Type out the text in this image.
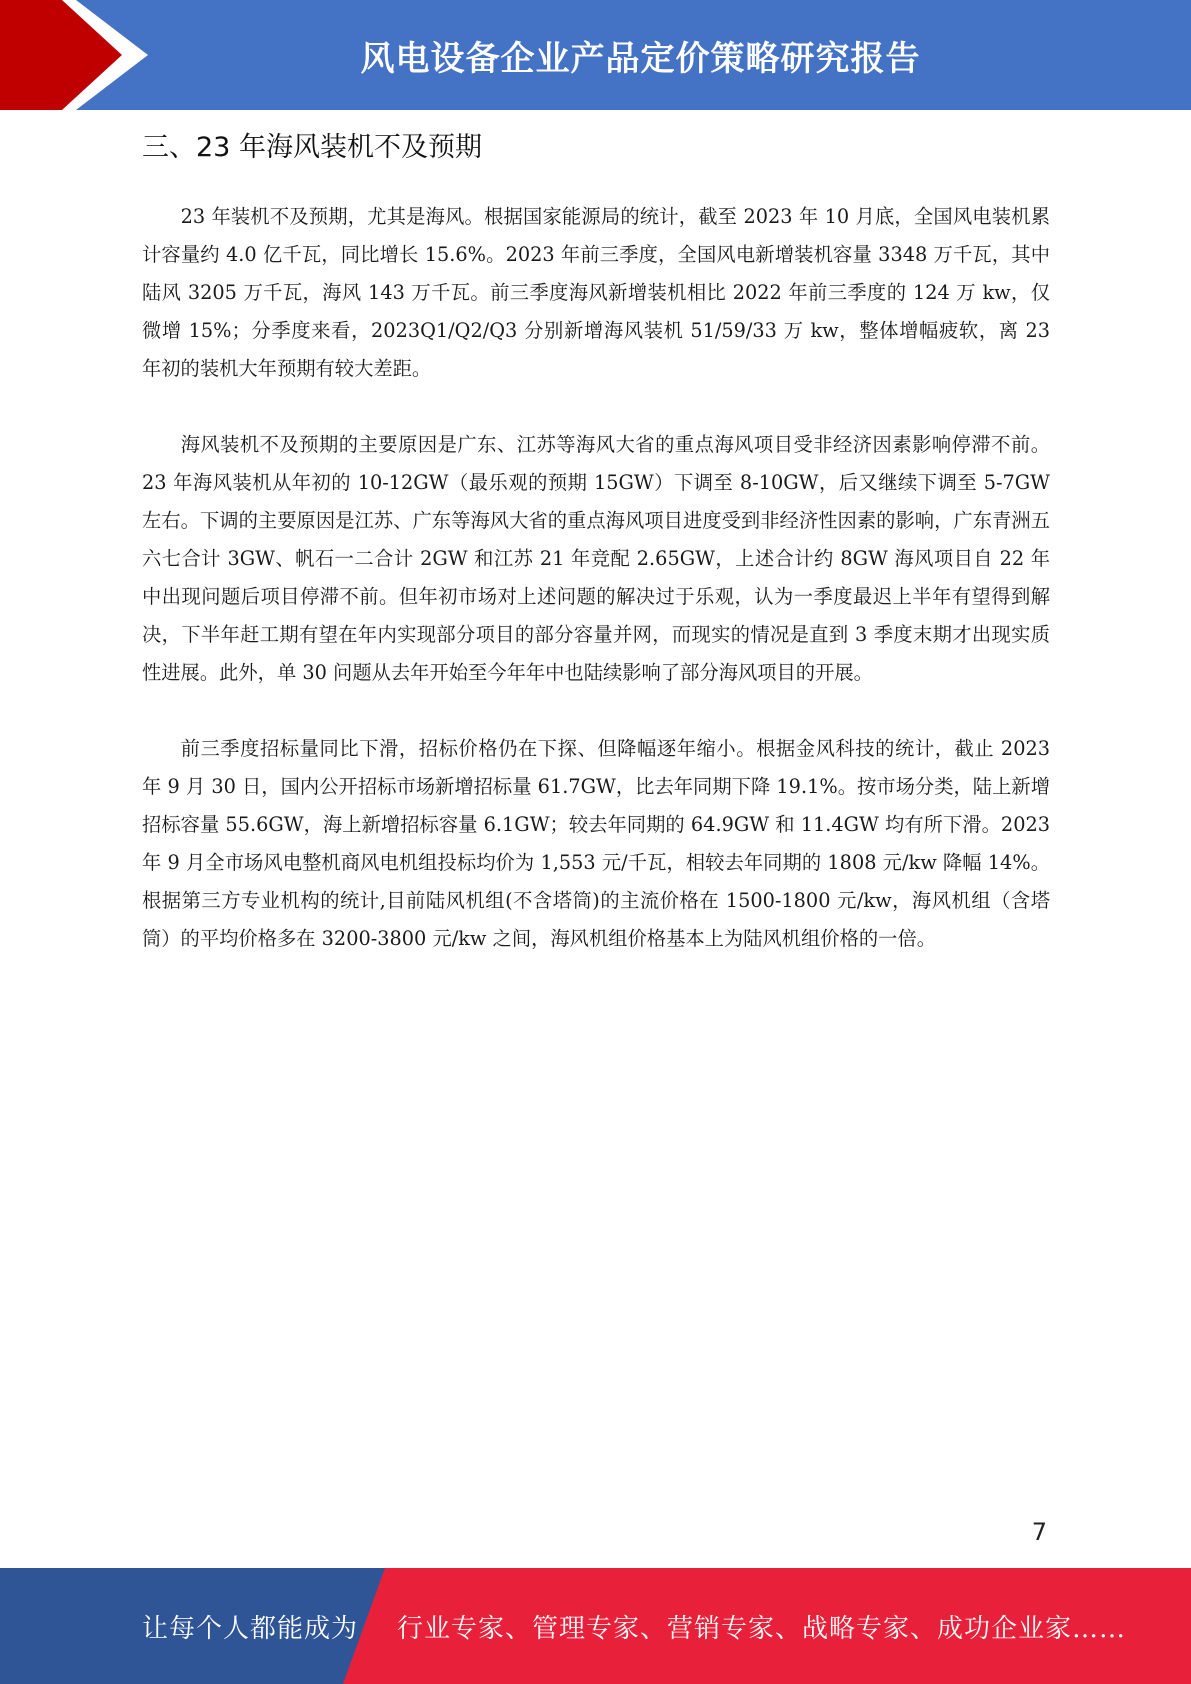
风电设备企业产品定价策略研究报告
三、23 年海风装机不及预期

23 年装机不及预期，尤其是海风。根据国家能源局的统计，截至 2023 年 10 月底，全国风电装机累计容量约 4.0 亿千瓦，同比增长 15.6%。2023 年前三季度，全国风电新增装机容量 3348 万千瓦，其中陆风 3205 万千瓦，海风 143 万千瓦。前三季度海风新增装机相比 2022 年前三季度的 124 万 kw，仅微增 15%；分季度来看，2023Q1/Q2/Q3 分别新增海风装机 51/59/33 万 kw，整体增幅疲软，离 23 年初的装机大年预期有较大差距。

海风装机不及预期的主要原因是广东、江苏等海风大省的重点海风项目受非经济因素影响停滞不前。23 年海风装机从年初的 10-12GW（最乐观的预期 15GW）下调至 8-10GW，后又继续下调至 5-7GW 左右。下调的主要原因是江苏、广东等海风大省的重点海风项目进度受到非经济性因素的影响，广东青洲五六七合计 3GW、帆石一二合计 2GW 和江苏 21 年竞配 2.65GW，上述合计约 8GW 海风项目自 22 年中出现问题后项目停滞不前。但年初市场对上述问题的解决过于乐观，认为一季度最迟上半年有望得到解决，下半年赶工期有望在年内实现部分项目的部分容量并网，而现实的情况是直到 3 季度末期才出现实质性进展。此外，单 30 问题从去年开始至今年年中也陆续影响了部分海风项目的开展。

前三季度招标量同比下滑，招标价格仍在下探、但降幅逐年缩小。根据金风科技的统计，截止 2023 年 9 月 30 日，国内公开招标市场新增招标量 61.7GW，比去年同期下降 19.1%。按市场分类，陆上新增招标容量 55.6GW，海上新增招标容量 6.1GW；较去年同期的 64.9GW 和 11.4GW 均有所下滑。2023 年 9 月全市场风电整机商风电机组投标均价为 1,553 元/千瓦，相较去年同期的 1808 元/kw 降幅 14%。根据第三方专业机构的统计,目前陆风机组(不含塔筒)的主流价格在 1500-1800 元/kw，海风机组（含塔筒）的平均价格多在 3200-3800 元/kw 之间，海风机组价格基本上为陆风机组价格的一倍。

7
让每个人都能成为 行业专家、管理专家、营销专家、战略专家、成功企业家……
